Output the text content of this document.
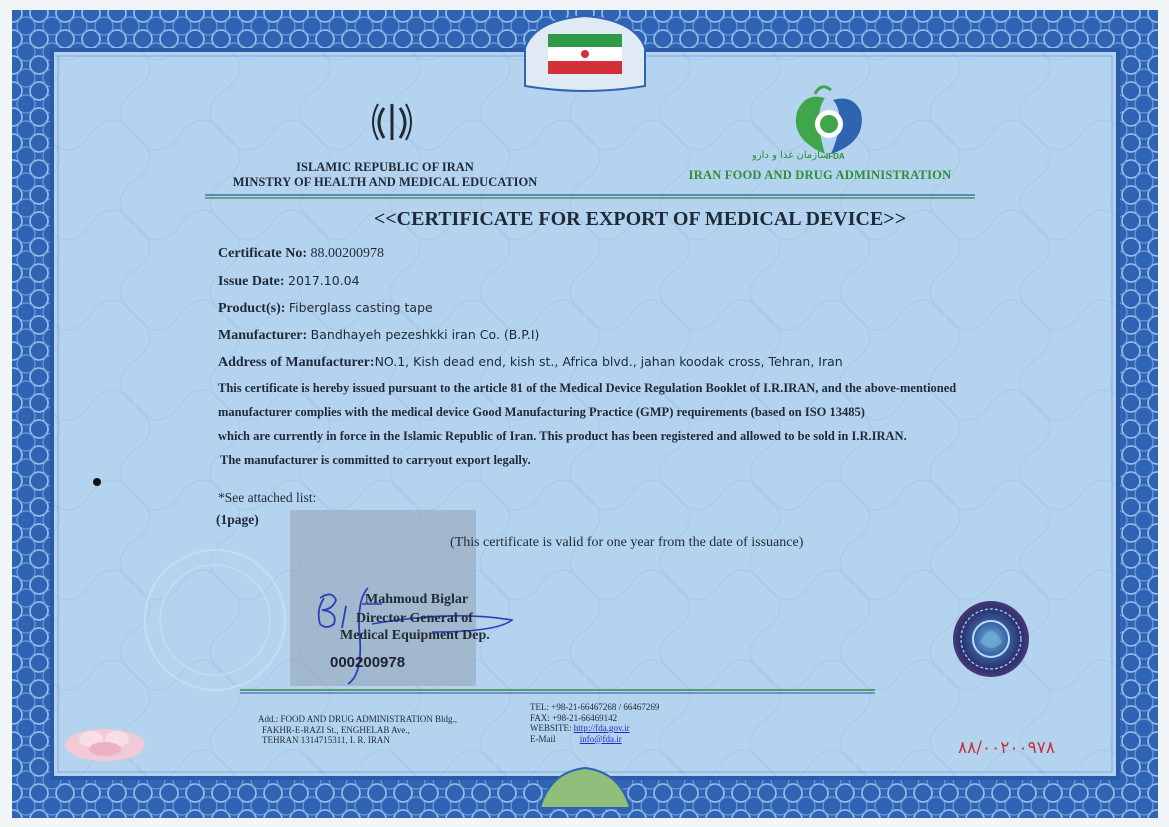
سازمان غذا و دارو
IFDA
ISLAMIC REPUBLIC OF IRAN
MINSTRY OF HEALTH AND MEDICAL EDUCATION	IRAN FOOD AND DRUG ADMINISTRATION
<<CERTIFICATE FOR EXPORT OF MEDICAL DEVICE>>
Certificate No: 88.00200978
Issue Date: 2017.10.04
Product(s): Fiberglass casting tape
Manufacturer: Bandhayeh pezeshkki iran Co. (B.P.I)
Address of Manufacturer:NO.1, Kish dead end, kish st., Africa blvd., jahan koodak cross, Tehran, Iran
This certificate is hereby issued pursuant to the article 81 of the Medical Device Regulation Booklet of I.R.IRAN, and the above-mentioned
manufacturer complies with the medical device Good Manufacturing Practice (GMP) requirements (based on ISO 13485)
which are currently in force in the Islamic Republic of Iran. This product has been registered and allowed to be sold in I.R.IRAN.
The manufacturer is committed to carryout export legally.
*See attached list:
(1page)
(This certificate is valid for one year from the date of issuance)
Mahmoud Biglar
Director General of
Medical Equipment Dep.
000200978
Add.: FOOD AND DRUG ADMINISTRATION Bldg.,
FAKHR-E-RAZI St., ENGHELAB Ave.,
TEHRAN 1314715311, I. R. IRAN
TEL: +98-21-66467268 / 66467269
FAX: +98-21-66469142
WEBSITE: http://fdа.gov.ir
E-Mail	info@fda.ir	۸۸/۰۰۲۰۰۹۷۸
